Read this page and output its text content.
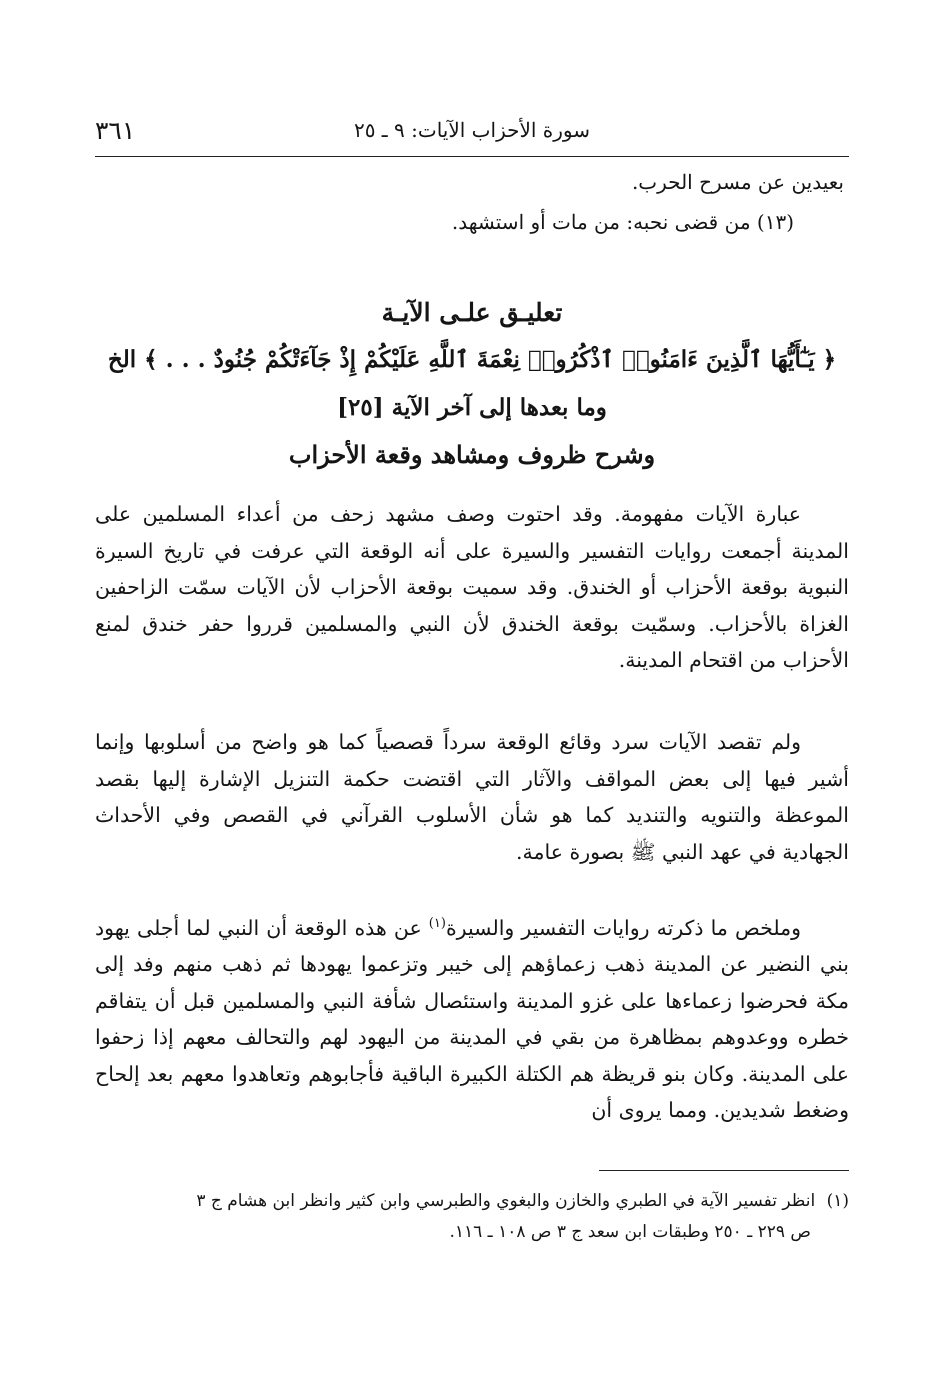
سورة الأحزاب الآيات: ٩ ـ ٢٥
٣٦١
بعيدين عن مسرح الحرب.
(١٣) من قضى نحبه: من مات أو استشهد.
تعليـق علـى الآيـة
﴿ يَـٰٓأَيُّهَا ٱلَّذِينَ ءَامَنُوا۟ ٱذْكُرُوا۟ نِعْمَةَ ٱللَّهِ عَلَيْكُمْ إِذْ جَآءَتْكُمْ جُنُودٌ . . . ﴾ الخ
وما بعدها إلى آخر الآية [٢٥]
وشرح ظروف ومشاهد وقعة الأحزاب

عبارة الآيات مفهومة. وقد احتوت وصف مشهد زحف من أعداء المسلمين على المدينة أجمعت روايات التفسير والسيرة على أنه الوقعة التي عرفت في تاريخ السيرة النبوية بوقعة الأحزاب أو الخندق. وقد سميت بوقعة الأحزاب لأن الآيات سمّت الزاحفين الغزاة بالأحزاب. وسمّيت بوقعة الخندق لأن النبي والمسلمين قرروا حفر خندق لمنع الأحزاب من اقتحام المدينة.

ولم تقصد الآيات سرد وقائع الوقعة سرداً قصصياً كما هو واضح من أسلوبها وإنما أشير فيها إلى بعض المواقف والآثار التي اقتضت حكمة التنزيل الإشارة إليها بقصد الموعظة والتنويه والتنديد كما هو شأن الأسلوب القرآني في القصص وفي الأحداث الجهادية في عهد النبي ﷺ بصورة عامة.

وملخص ما ذكرته روايات التفسير والسيرة$^{(١)}$ عن هذه الوقعة أن النبي لما أجلى يهود بني النضير عن المدينة ذهب زعماؤهم إلى خيبر وتزعموا يهودها ثم ذهب منهم وفد إلى مكة فحرضوا زعماءها على غزو المدينة واستئصال شأفة النبي والمسلمين قبل أن يتفاقم خطره ووعدوهم بمظاهرة من بقي في المدينة من اليهود لهم والتحالف معهم إذا زحفوا على المدينة. وكان بنو قريظة هم الكتلة الكبيرة الباقية فأجابوهم وتعاهدوا معهم بعد إلحاح وضغط شديدين. ومما يروى أن

(١) انظر تفسير الآية في الطبري والخازن والبغوي والطبرسي وابن كثير وانظر ابن هشام ج ٣
ص ٢٢٩ ـ ٢٥٠ وطبقات ابن سعد ج ٣ ص ١٠٨ ـ ١١٦.
